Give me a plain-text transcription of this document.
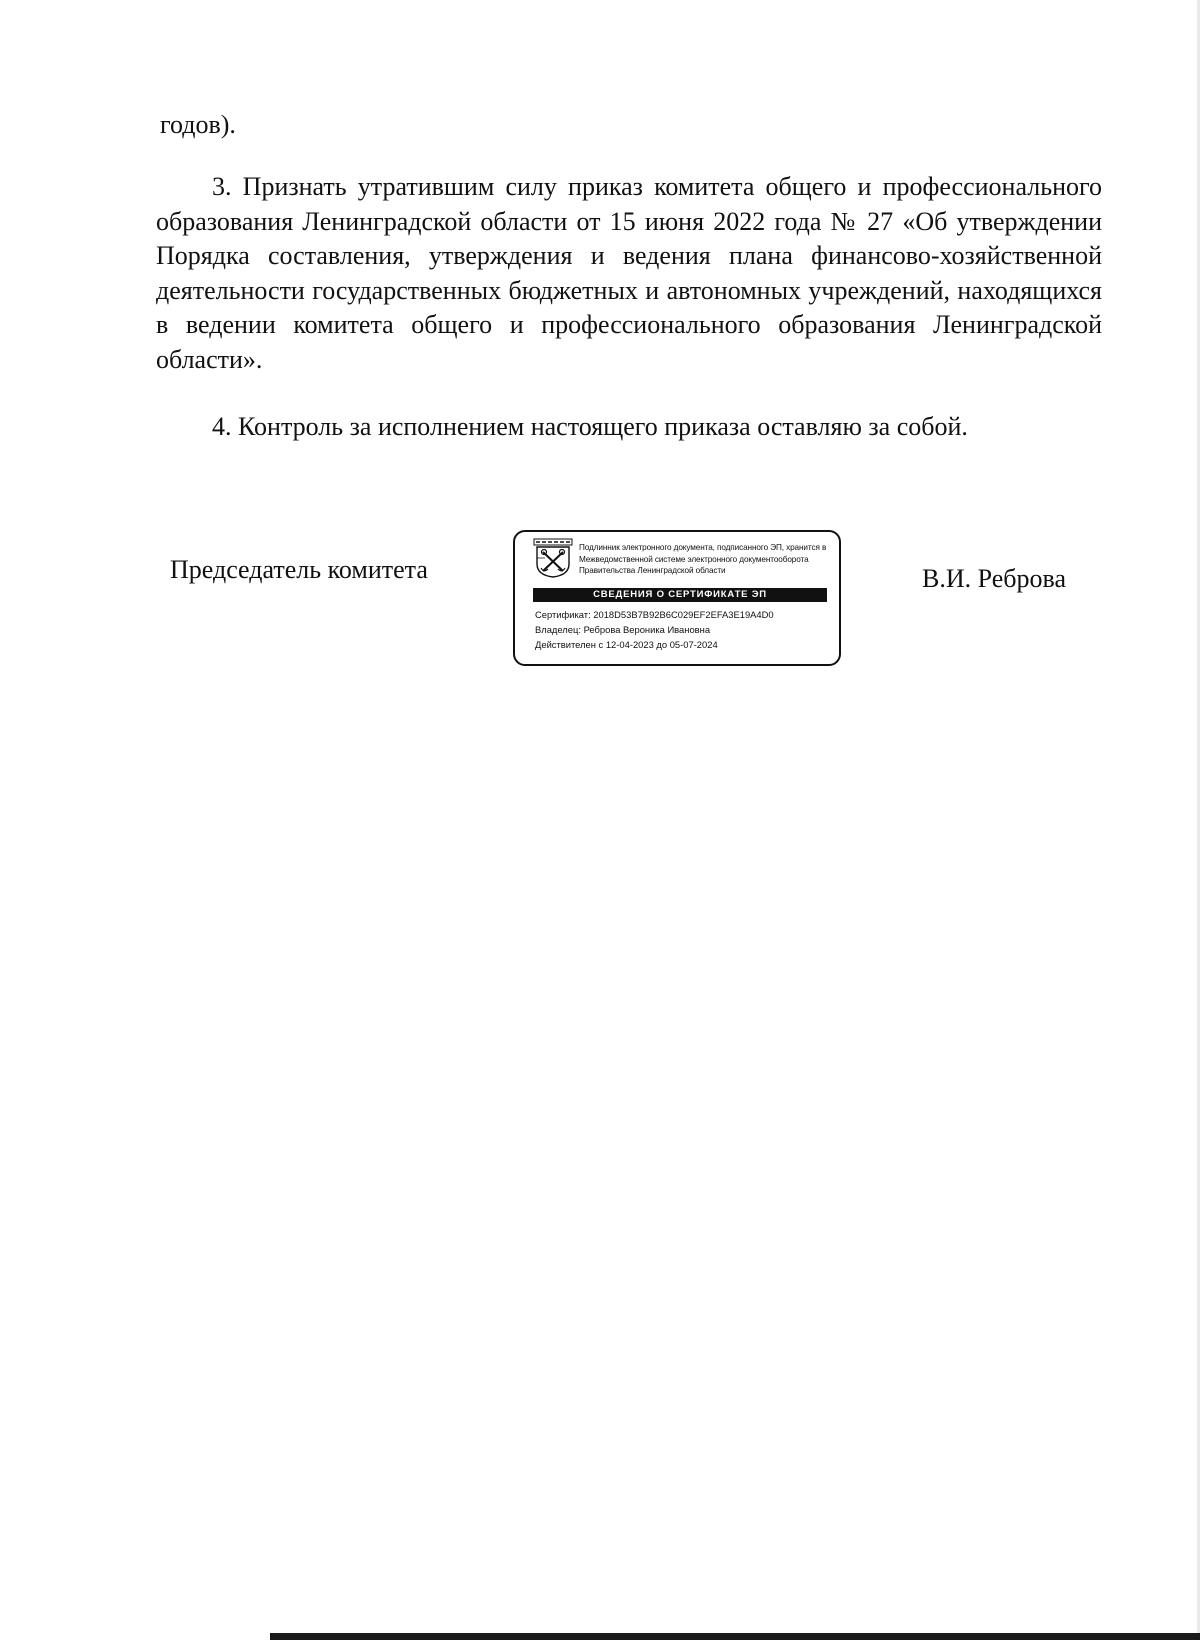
годов).
3. Признать утратившим силу приказ комитета общего и профессионального образования Ленинградской области от 15 июня 2022 года № 27 «Об утверждении Порядка составления, утверждения и ведения плана финансово-хозяйственной деятельности государственных бюджетных и автономных учреждений, находящихся в ведении комитета общего и профессионального образования Ленинградской области».
4. Контроль за исполнением настоящего приказа оставляю за собой.
Председатель комитета
Подлинник электронного документа, подписанного ЭП, хранится в Межведомственной системе электронного документооборота Правительства Ленинградской области
СВЕДЕНИЯ О СЕРТИФИКАТЕ ЭП
Сертификат: 2018D53B7B92B6C029EF2EFA3E19A4D0
Владелец: Реброва Вероника Ивановна
Действителен с 12-04-2023 до 05-07-2024
В.И. Реброва
